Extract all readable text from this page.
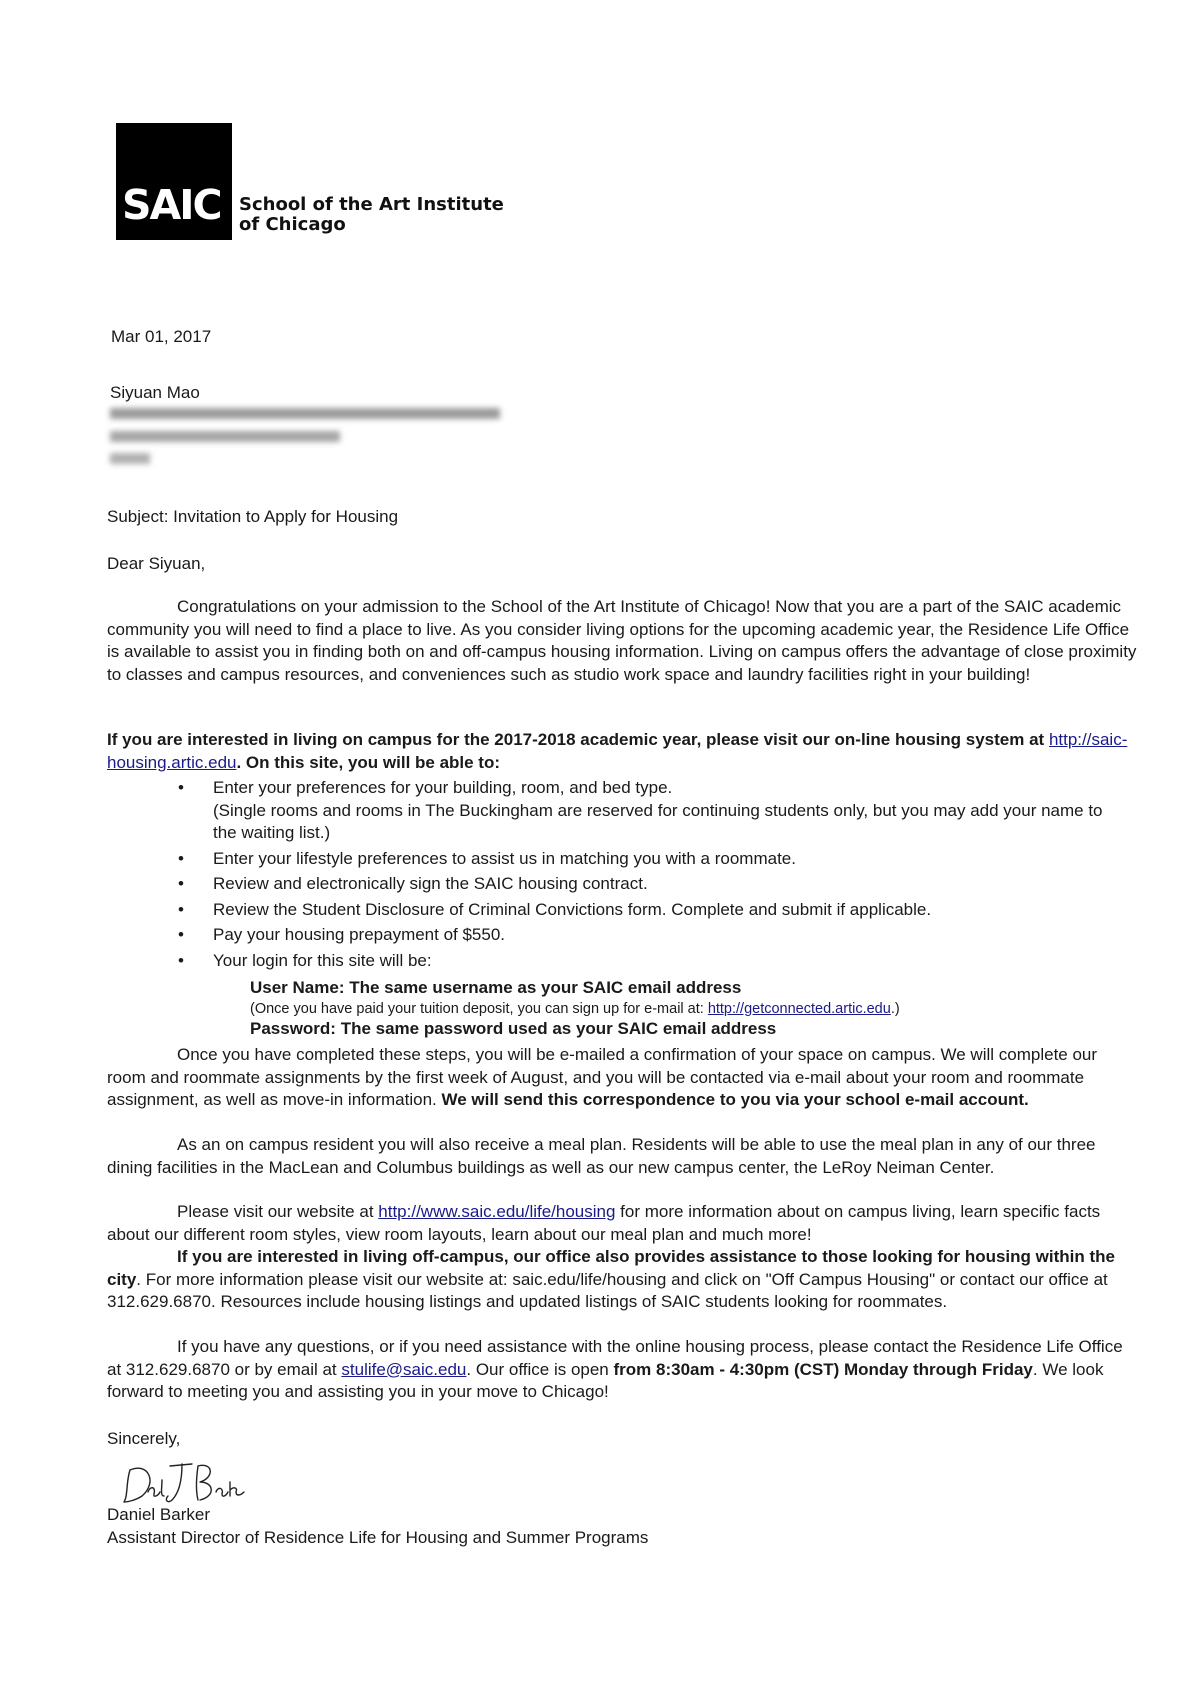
SAIC School of the Art Institute
of Chicago
Mar 01, 2017
Siyuan Mao
Subject: Invitation to Apply for Housing
Dear Siyuan,
Congratulations on your admission to the School of the Art Institute of Chicago! Now that you are a part of the SAIC academic community you will need to find a place to live. As you consider living options for the upcoming academic year, the Residence Life Office is available to assist you in finding both on and off-campus housing information. Living on campus offers the advantage of close proximity to classes and campus resources, and conveniences such as studio work space and laundry facilities right in your building!
If you are interested in living on campus for the 2017-2018 academic year, please visit our on-line housing system at http://saic-housing.artic.edu. On this site, you will be able to:
• Enter your preferences for your building, room, and bed type.
(Single rooms and rooms in The Buckingham are reserved for continuing students only, but you may add your name to the waiting list.)
• Enter your lifestyle preferences to assist us in matching you with a roommate.
• Review and electronically sign the SAIC housing contract.
• Review the Student Disclosure of Criminal Convictions form. Complete and submit if applicable.
• Pay your housing prepayment of $550.
• Your login for this site will be:
User Name: The same username as your SAIC email address
(Once you have paid your tuition deposit, you can sign up for e-mail at: http://getconnected.artic.edu.)
Password: The same password used as your SAIC email address
Once you have completed these steps, you will be e-mailed a confirmation of your space on campus. We will complete our room and roommate assignments by the first week of August, and you will be contacted via e-mail about your room and roommate assignment, as well as move-in information. We will send this correspondence to you via your school e-mail account.
As an on campus resident you will also receive a meal plan. Residents will be able to use the meal plan in any of our three dining facilities in the MacLean and Columbus buildings as well as our new campus center, the LeRoy Neiman Center.
Please visit our website at http://www.saic.edu/life/housing for more information about on campus living, learn specific facts about our different room styles, view room layouts, learn about our meal plan and much more!
If you are interested in living off-campus, our office also provides assistance to those looking for housing within the city. For more information please visit our website at: saic.edu/life/housing and click on "Off Campus Housing" or contact our office at 312.629.6870. Resources include housing listings and updated listings of SAIC students looking for roommates.
If you have any questions, or if you need assistance with the online housing process, please contact the Residence Life Office at 312.629.6870 or by email at stulife@saic.edu. Our office is open from 8:30am - 4:30pm (CST) Monday through Friday. We look forward to meeting you and assisting you in your move to Chicago!
Sincerely,
Daniel Barker
Assistant Director of Residence Life for Housing and Summer Programs
